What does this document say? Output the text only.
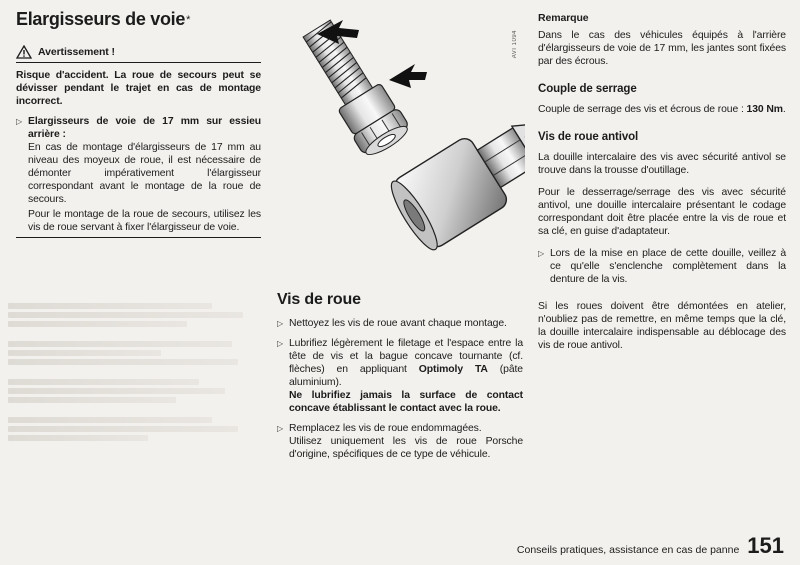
Elargisseurs de voie *
Avertissement !
Risque d'accident. La roue de secours peut se dévisser pendant le trajet en cas de montage incorrect.
▷ Elargisseurs de voie de 17 mm sur essieu arrière :
En cas de montage d'élargisseurs de 17 mm au niveau des moyeux de roue, il est nécessaire de démonter impérativement l'élargisseur correspondant avant le montage de la roue de secours.
Pour le montage de la roue de secours, utilisez les vis de roue servant à fixer l'élargisseur de voie.
AVI 1094
Vis de roue
▷ Nettoyez les vis de roue avant chaque montage.
▷ Lubrifiez légèrement le filetage et l'espace entre la tête de vis et la bague concave tournante (cf. flèches) en appliquant Optimoly TA (pâte aluminium).
Ne lubrifiez jamais la surface de contact concave établissant le contact avec la roue.
▷ Remplacez les vis de roue endommagées.
Utilisez uniquement les vis de roue Porsche d'origine, spécifiques de ce type de véhicule.
Remarque
Dans le cas des véhicules équipés à l'arrière d'élargisseurs de voie de 17 mm, les jantes sont fixées par des écrous.
Couple de serrage
Couple de serrage des vis et écrous de roue : 130 Nm.
Vis de roue antivol
La douille intercalaire des vis avec sécurité antivol se trouve dans la trousse d'outillage.
Pour le desserrage/serrage des vis avec sécurité antivol, une douille intercalaire présentant le codage correspondant doit être placée entre la vis de roue et sa clé, en guise d'adaptateur.
▷ Lors de la mise en place de cette douille, veillez à ce qu'elle s'enclenche complètement dans la denture de la vis.
Si les roues doivent être démontées en atelier, n'oubliez pas de remettre, en même temps que la clé, la douille intercalaire indispensable au déblocage des vis de roue antivol.
Conseils pratiques, assistance en cas de panne 151
